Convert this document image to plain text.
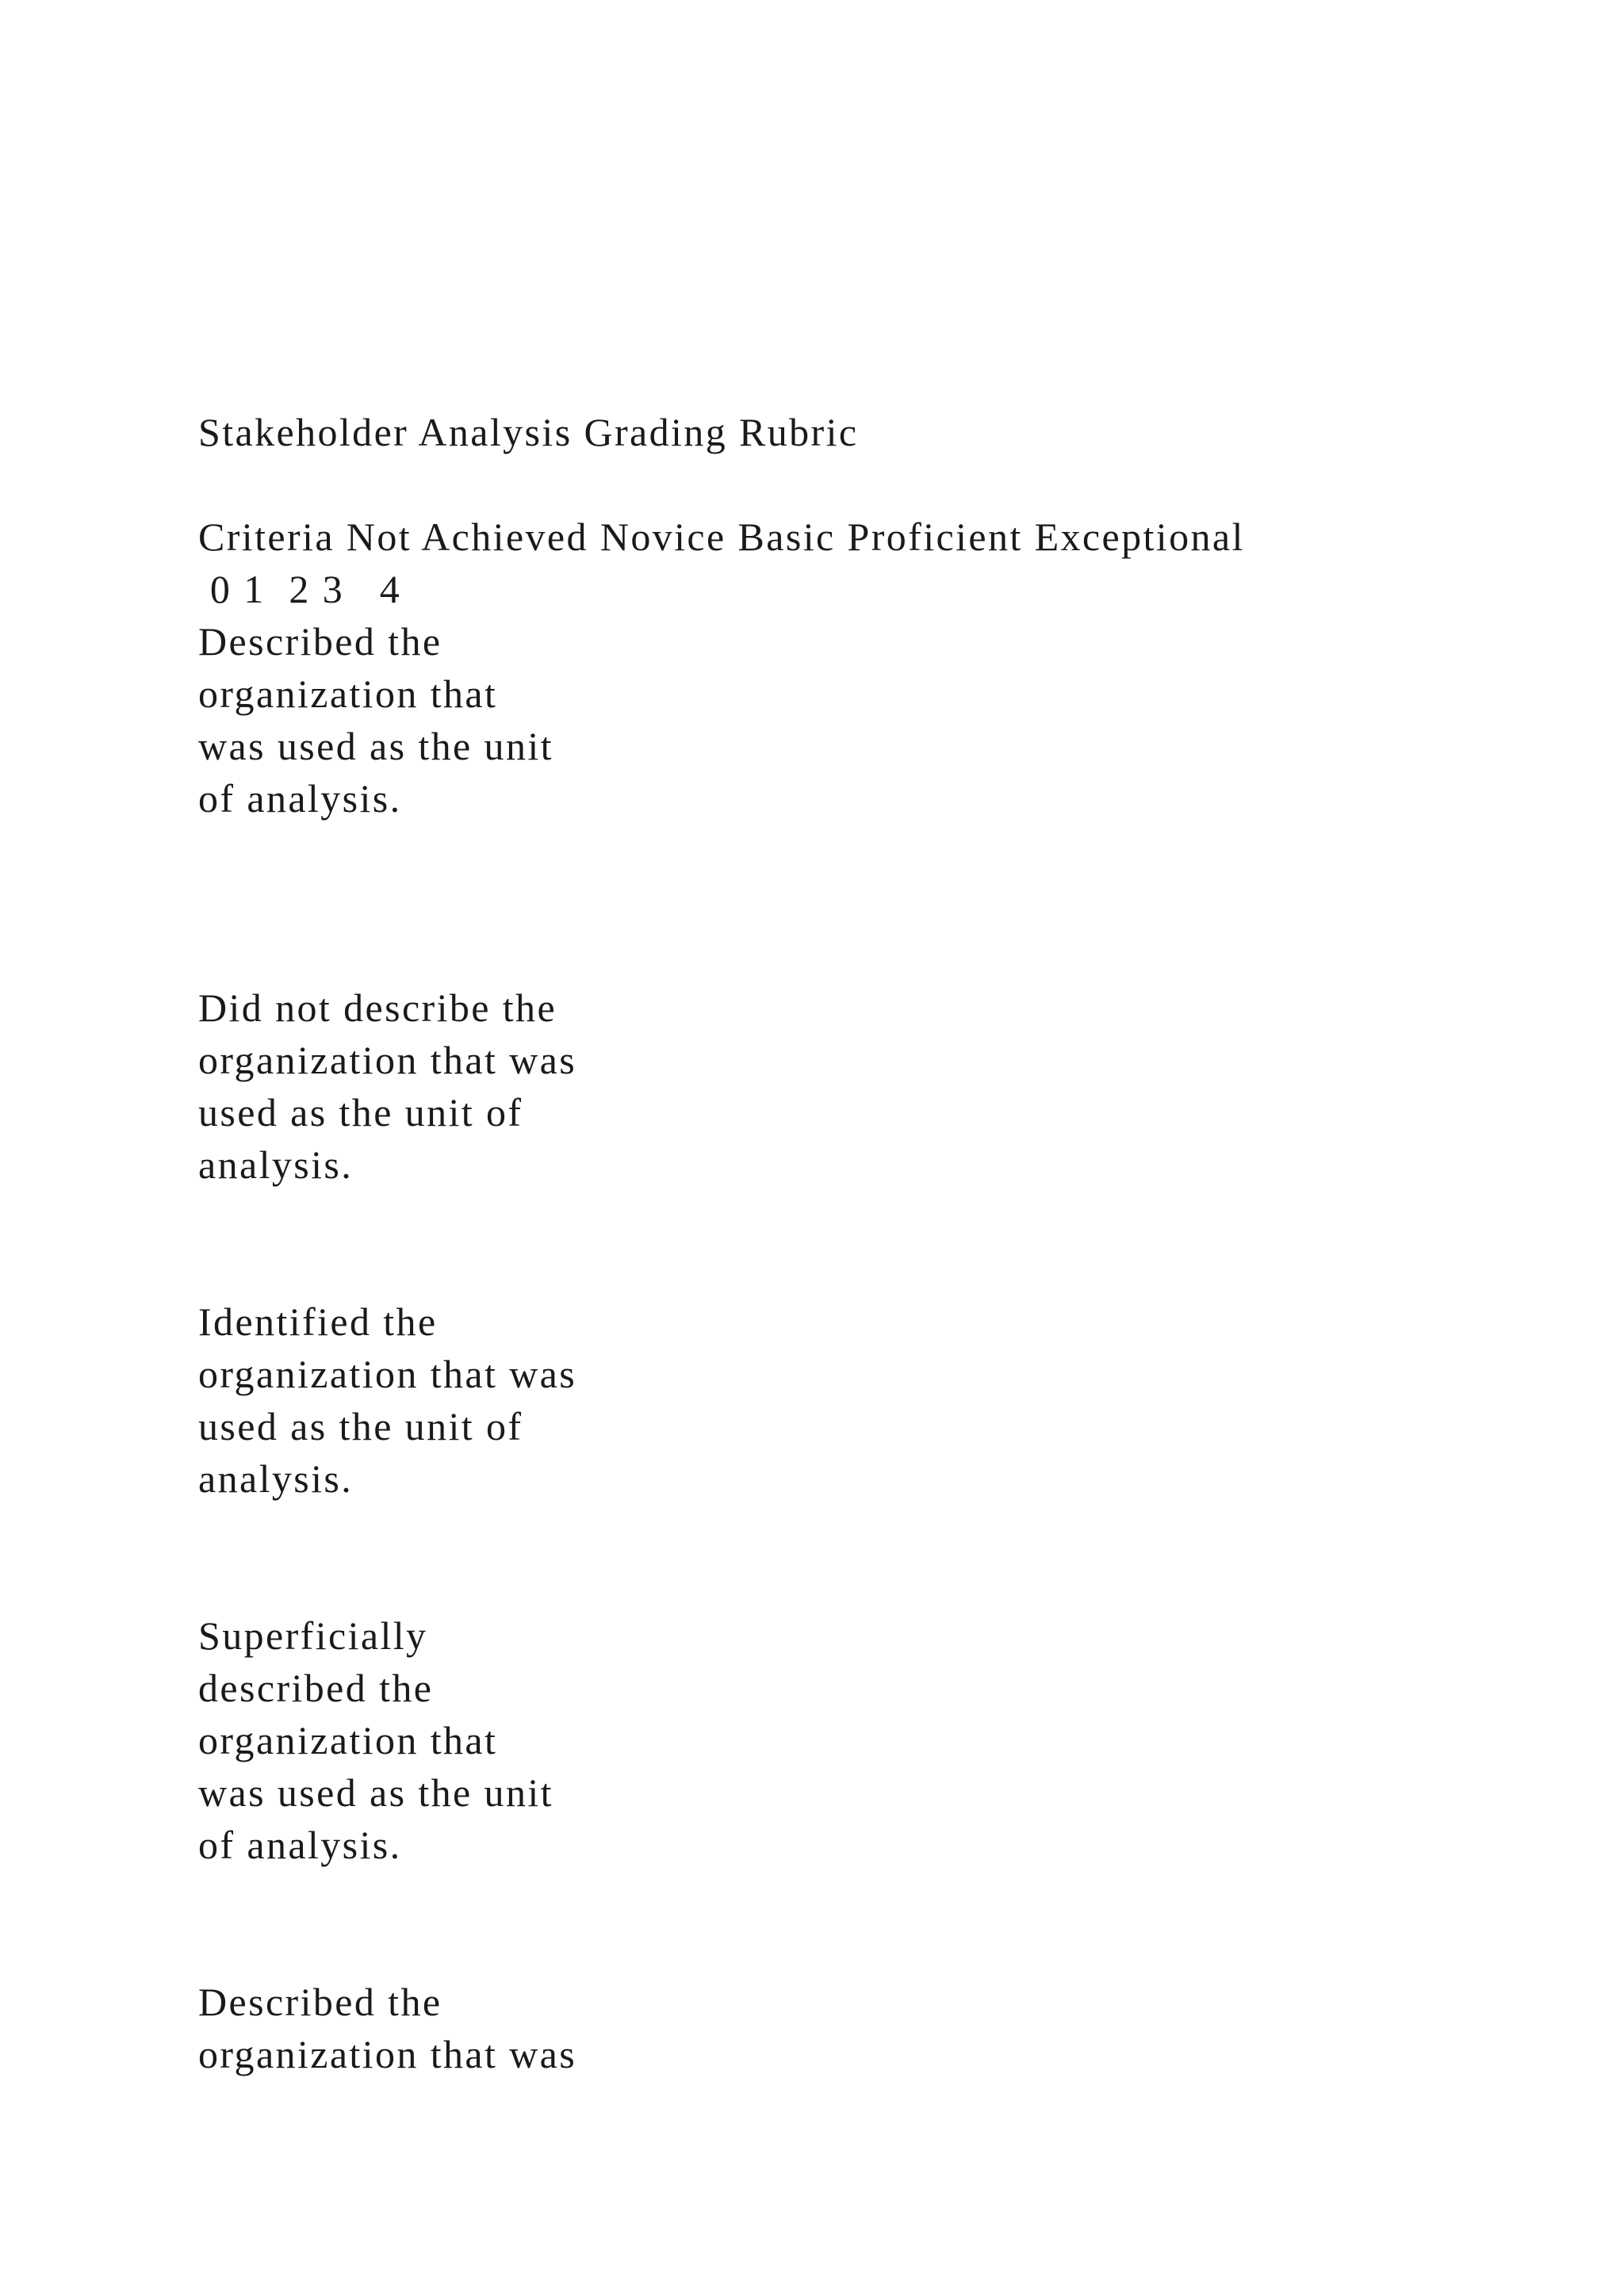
Stakeholder Analysis Grading Rubric
Criteria Not Achieved Novice Basic Proficient Exceptional
0 1  2 3   4
Described the
organization that
was used as the unit
of analysis.
Did not describe the
organization that was
used as the unit of
analysis.
Identified the
organization that was
used as the unit of
analysis.
Superficially
described the
organization that
was used as the unit
of analysis.
Described the
organization that was
